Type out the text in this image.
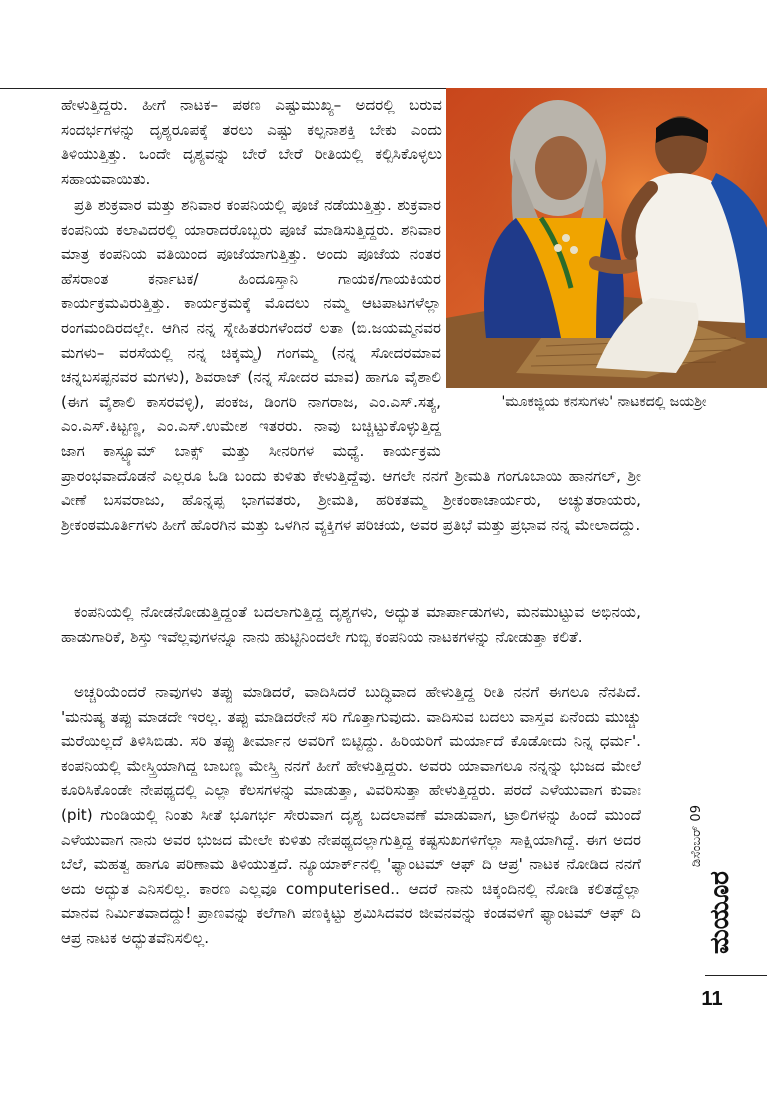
'ಮೂಕಜ್ಜಿಯ ಕನಸುಗಳು' ನಾಟಕದಲ್ಲಿ ಜಯಶ್ರೀ
ಹೇಳುತ್ತಿದ್ದರು. ಹೀಗೆ ನಾಟಕ– ಪಠಣ ಎಷ್ಟುಮುಖ್ಯ– ಅದರಲ್ಲಿ ಬರುವ ಸಂದರ್ಭಗಳನ್ನು ದೃಶ್ಯರೂಪಕ್ಕೆ ತರಲು ಎಷ್ಟು ಕಲ್ಪನಾಶಕ್ತಿ ಬೇಕು ಎಂದು ತಿಳಿಯುತ್ತಿತ್ತು. ಒಂದೇ ದೃಶ್ಯವನ್ನು ಬೇರೆ ಬೇರೆ ರೀತಿಯಲ್ಲಿ ಕಲ್ಪಿಸಿಕೊಳ್ಳಲು ಸಹಾಯವಾಯಿತು.
ಪ್ರತಿ ಶುಕ್ರವಾರ ಮತ್ತು ಶನಿವಾರ ಕಂಪನಿಯಲ್ಲಿ ಪೂಜೆ ನಡೆಯುತ್ತಿತ್ತು. ಶುಕ್ರವಾರ ಕಂಪನಿಯ ಕಲಾವಿದರಲ್ಲಿ ಯಾರಾದರೊಬ್ಬರು ಪೂಜೆ ಮಾಡಿಸುತ್ತಿದ್ದರು. ಶನಿವಾರ ಮಾತ್ರ ಕಂಪನಿಯ ವತಿಯಿಂದ ಪೂಜೆಯಾಗುತ್ತಿತ್ತು. ಅಂದು ಪೂಜೆಯ ನಂತರ ಹೆಸರಾಂತ ಕರ್ನಾಟಕ/ ಹಿಂದೂಸ್ತಾನಿ ಗಾಯಕ/ಗಾಯಕಿಯರ ಕಾರ್ಯಕ್ರಮವಿರುತ್ತಿತ್ತು. ಕಾರ್ಯಕ್ರಮಕ್ಕೆ ಮೊದಲು ನಮ್ಮ ಆಟಪಾಟಗಳೆಲ್ಲಾ ರಂಗಮಂದಿರದಲ್ಲೇ. ಆಗಿನ ನನ್ನ ಸ್ನೇಹಿತರುಗಳೆಂದರೆ ಲತಾ (ಬಿ.ಜಯಮ್ಮನವರ ಮಗಳು– ವರಸೆಯಲ್ಲಿ ನನ್ನ ಚಿಕ್ಕಮ್ಮ) ಗಂಗಮ್ಮ (ನನ್ನ ಸೋದರಮಾವ ಚನ್ನಬಸಪ್ಪನವರ ಮಗಳು), ಶಿವರಾಜ್ (ನನ್ನ ಸೋದರ ಮಾವ) ಹಾಗೂ ವೈಶಾಲಿ (ಈಗ ವೈಶಾಲಿ ಕಾಸರವಳ್ಳಿ), ಪಂಕಜ, ಡಿಂಗರಿ ನಾಗರಾಜ, ಎಂ.ಎಸ್.ಸತ್ಯ, ಎಂ.ಎಸ್.ಕಿಟ್ಟಣ್ಣ, ಎಂ.ಎಸ್.ಉಮೇಶ ಇತರರು. ನಾವು ಬಚ್ಚಿಟ್ಟುಕೊಳ್ಳುತ್ತಿದ್ದ ಜಾಗ ಕಾಸ್ಟ್ಯೂಮ್ ಬಾಕ್ಸ್ ಮತ್ತು ಸೀನರಿಗಳ ಮಧ್ಯೆ. ಕಾರ್ಯಕ್ರಮ ಪ್ರಾರಂಭವಾದೊಡನೆ ಎಲ್ಲರೂ ಓಡಿ ಬಂದು ಕುಳಿತು ಕೇಳುತ್ತಿದ್ದೆವು. ಆಗಲೇ ನನಗೆ ಶ್ರೀಮತಿ ಗಂಗೂಬಾಯಿ ಹಾನಗಲ್, ಶ್ರೀ ವೀಣೆ ಬಸವರಾಜು, ಹೊನ್ನಪ್ಪ ಭಾಗವತರು, ಶ್ರೀಮತಿ, ಹರಿಕತಮ್ಮ ಶ್ರೀಕಂಠಾಚಾರ್ಯರು, ಅಚ್ಯುತರಾಯರು, ಶ್ರೀಕಂಠಮೂರ್ತಿಗಳು ಹೀಗೆ ಹೊರಗಿನ ಮತ್ತು ಒಳಗಿನ ವ್ಯಕ್ತಿಗಳ ಪರಿಚಯ, ಅವರ ಪ್ರತಿಭೆ ಮತ್ತು ಪ್ರಭಾವ ನನ್ನ ಮೇಲಾದದ್ದು.
ಕಂಪನಿಯಲ್ಲಿ ನೋಡನೋಡುತ್ತಿದ್ದಂತೆ ಬದಲಾಗುತ್ತಿದ್ದ ದೃಶ್ಯಗಳು, ಅದ್ಭುತ ಮಾರ್ಪಾಡುಗಳು, ಮನಮುಟ್ಟುವ ಅಭಿನಯ, ಹಾಡುಗಾರಿಕೆ, ಶಿಸ್ತು ಇವೆಲ್ಲವುಗಳನ್ನೂ ನಾನು ಹುಟ್ಟಿನಿಂದಲೇ ಗುಬ್ಬಿ ಕಂಪನಿಯ ನಾಟಕಗಳನ್ನು ನೋಡುತ್ತಾ ಕಲಿತೆ.
ಅಚ್ಚರಿಯೆಂದರೆ ನಾವುಗಳು ತಪ್ಪು ಮಾಡಿದರೆ, ವಾದಿಸಿದರೆ ಬುದ್ಧಿವಾದ ಹೇಳುತ್ತಿದ್ದ ರೀತಿ ನನಗೆ ಈಗಲೂ ನೆನಪಿದೆ. 'ಮನುಷ್ಯ ತಪ್ಪು ಮಾಡದೇ ಇರಲ್ಲ. ತಪ್ಪು ಮಾಡಿದರೇನೆ ಸರಿ ಗೊತ್ತಾಗುವುದು. ವಾದಿಸುವ ಬದಲು ವಾಸ್ತವ ಏನೆಂದು ಮುಚ್ಚು ಮರೆಯಿಲ್ಲದೆ ತಿಳಿಸಿಬಿಡು. ಸರಿ ತಪ್ಪು ತೀರ್ಮಾನ ಅವರಿಗೆ ಬಿಟ್ಟಿದ್ದು. ಹಿರಿಯರಿಗೆ ಮರ್ಯಾದೆ ಕೊಡೋದು ನಿನ್ನ ಧರ್ಮ'. ಕಂಪನಿಯಲ್ಲಿ ಮೇಸ್ತ್ರಿಯಾಗಿದ್ದ ಬಾಬಣ್ಣ ಮೇಸ್ತ್ರಿ ನನಗೆ ಹೀಗೆ ಹೇಳುತ್ತಿದ್ದರು. ಅವರು ಯಾವಾಗಲೂ ನನ್ನನ್ನು ಭುಜದ ಮೇಲೆ ಕೂರಿಸಿಕೊಂಡೇ ನೇಪಥ್ಯದಲ್ಲಿ ಎಲ್ಲಾ ಕೆಲಸಗಳನ್ನು ಮಾಡುತ್ತಾ, ವಿವರಿಸುತ್ತಾ ಹೇಳುತ್ತಿದ್ದರು. ಪರದೆ ಎಳೆಯುವಾಗ ಕುವಾಃ (pit) ಗುಂಡಿಯಲ್ಲಿ ನಿಂತು ಸೀತೆ ಭೂಗರ್ಭ ಸೇರುವಾಗ ದೃಶ್ಯ ಬದಲಾವಣೆ ಮಾಡುವಾಗ, ಟ್ರಾಲಿಗಳನ್ನು ಹಿಂದೆ ಮುಂದೆ ಎಳೆಯುವಾಗ ನಾನು ಅವರ ಭುಜದ ಮೇಲೇ ಕುಳಿತು ನೇಪಥ್ಯದಲ್ಲಾಗುತ್ತಿದ್ದ ಕಷ್ಟಸುಖಗಳಿಗೆಲ್ಲಾ ಸಾಕ್ಷಿಯಾಗಿದ್ದೆ. ಈಗ ಅದರ ಬೆಲೆ, ಮಹತ್ವ ಹಾಗೂ ಪರಿಣಾಮ ತಿಳಿಯುತ್ತದೆ. ನ್ಯೂಯಾರ್ಕ್‌ನಲ್ಲಿ 'ಫ್ಯಾಂಟಮ್ ಆಫ್ ದಿ ಆಪ್ರ' ನಾಟಕ ನೋಡಿದ ನನಗೆ ಅದು ಅದ್ಭುತ ಎನಿಸಲಿಲ್ಲ. ಕಾರಣ ಎಲ್ಲವೂ computerised.. ಆದರೆ ನಾನು ಚಿಕ್ಕಂದಿನಲ್ಲಿ ನೋಡಿ ಕಲಿತದ್ದೆಲ್ಲಾ ಮಾನವ ನಿರ್ಮಿತವಾದದ್ದು! ಪ್ರಾಣವನ್ನು ಕಲೆಗಾಗಿ ಪಣಕ್ಕಿಟ್ಟು ಶ್ರಮಿಸಿದವರ ಜೀವನವನ್ನು ಕಂಡವಳಿಗೆ ಫ್ಯಾಂಟಮ್ ಆಫ್ ದಿ ಆಪ್ರ ನಾಟಕ ಅದ್ಭುತವೆನಿಸಲಿಲ್ಲ.
ಡಿಸೆಂಬರ್ 09
ಮಯೂರ
11
